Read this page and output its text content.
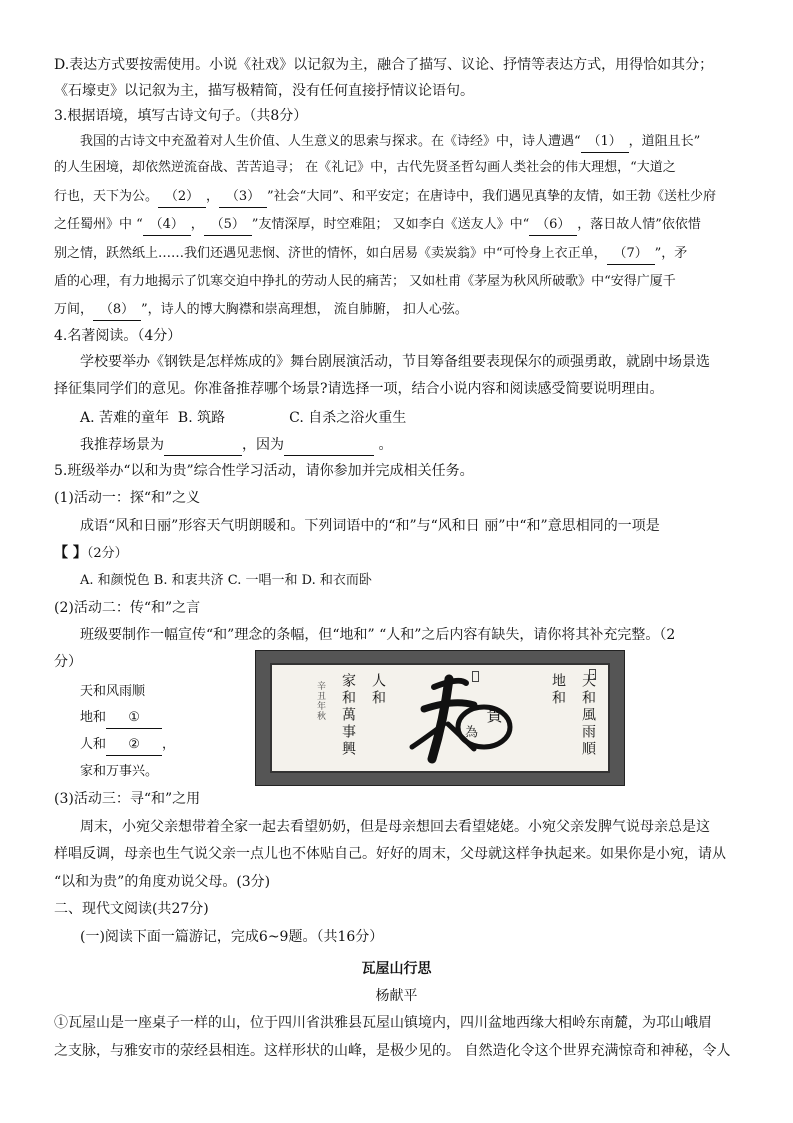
D.表达方式要按需使用。小说《社戏》以记叙为主，融合了描写、议论、抒情等表达方式，用得恰如其分；
《石壕吏》以记叙为主，描写极精简，没有任何直接抒情议论语句。
3.根据语境，填写古诗文句子。（共8分）
我国的古诗文中充盈着对人生价值、人生意义的思索与探求。在《诗经》中，诗人遭遇“ （1） ，道阻且长”
的人生困境，却依然逆流奋战、苦苦追寻； 在《礼记》中，古代先贤圣哲勾画人类社会的伟大理想，“大道之
行也，天下为公。 （2） ， （3） ”社会“大同”、和平安定；在唐诗中，我们遇见真挚的友情，如王勃《送杜少府
之任蜀州》中 “ （4） ， （5） ”友情深厚，时空难阻； 又如李白《送友人》中“ （6） ，落日故人情”依依惜
别之情，跃然纸上……我们还遇见悲悯、济世的情怀，如白居易《卖炭翁》中“可怜身上衣正单， （7） ”，矛
盾的心理，有力地揭示了饥寒交迫中挣扎的劳动人民的痛苦； 又如杜甫《茅屋为秋风所破歌》中“安得广厦千
万间， （8） ”，诗人的博大胸襟和崇高理想， 流自肺腑， 扣人心弦。
4.名著阅读。（4分）
学校要举办《钢铁是怎样炼成的》舞台剧展演活动，节目筹备组要表现保尔的顽强勇敢，就剧中场景选
择征集同学们的意见。你准备推荐哪个场景?请选择一项，结合小说内容和阅读感受简要说明理由。
A. 苦难的童年 B. 筑路	C. 自杀之浴火重生
我推荐场景为	，因为	。
5.班级举办“以和为贵”综合性学习活动，请你参加并完成相关任务。
(1)活动一：探“和”之义
成语“风和日丽”形容天气明朗暖和。下列词语中的“和”与“风和日 丽”中“和”意思相同的一项是
【 】（2分）
A. 和颜悦色 B. 和衷共济 C. 一唱一和 D. 和衣而卧
(2)活动二：传“和”之言
班级要制作一幅宣传“和”理念的条幅，但“地和” “人和”之后内容有缺失，请你将其补充完整。（2
分）
天和风雨顺
地和 ①
人和 ② ，
家和万事兴。
天和風雨順
地和
人和
家和萬事興
辛丑年秋	貴
為
(3)活动三：寻“和”之用
周末，小宛父亲想带着全家一起去看望奶奶，但是母亲想回去看望姥姥。小宛父亲发脾气说母亲总是这
样唱反调，母亲也生气说父亲一点儿也不体贴自己。好好的周末，父母就这样争执起来。如果你是小宛，请从
“以和为贵”的角度劝说父母。(3分)
二、现代文阅读(共27分)
(一)阅读下面一篇游记，完成6~9题。（共16分）
瓦屋山行思
杨献平
①瓦屋山是一座桌子一样的山，位于四川省洪雅县瓦屋山镇境内，四川盆地西缘大相岭东南麓，为邛山峨眉
之支脉，与雅安市的荥经县相连。这样形状的山峰，是极少见的。 自然造化令这个世界充满惊奇和神秘，令人
